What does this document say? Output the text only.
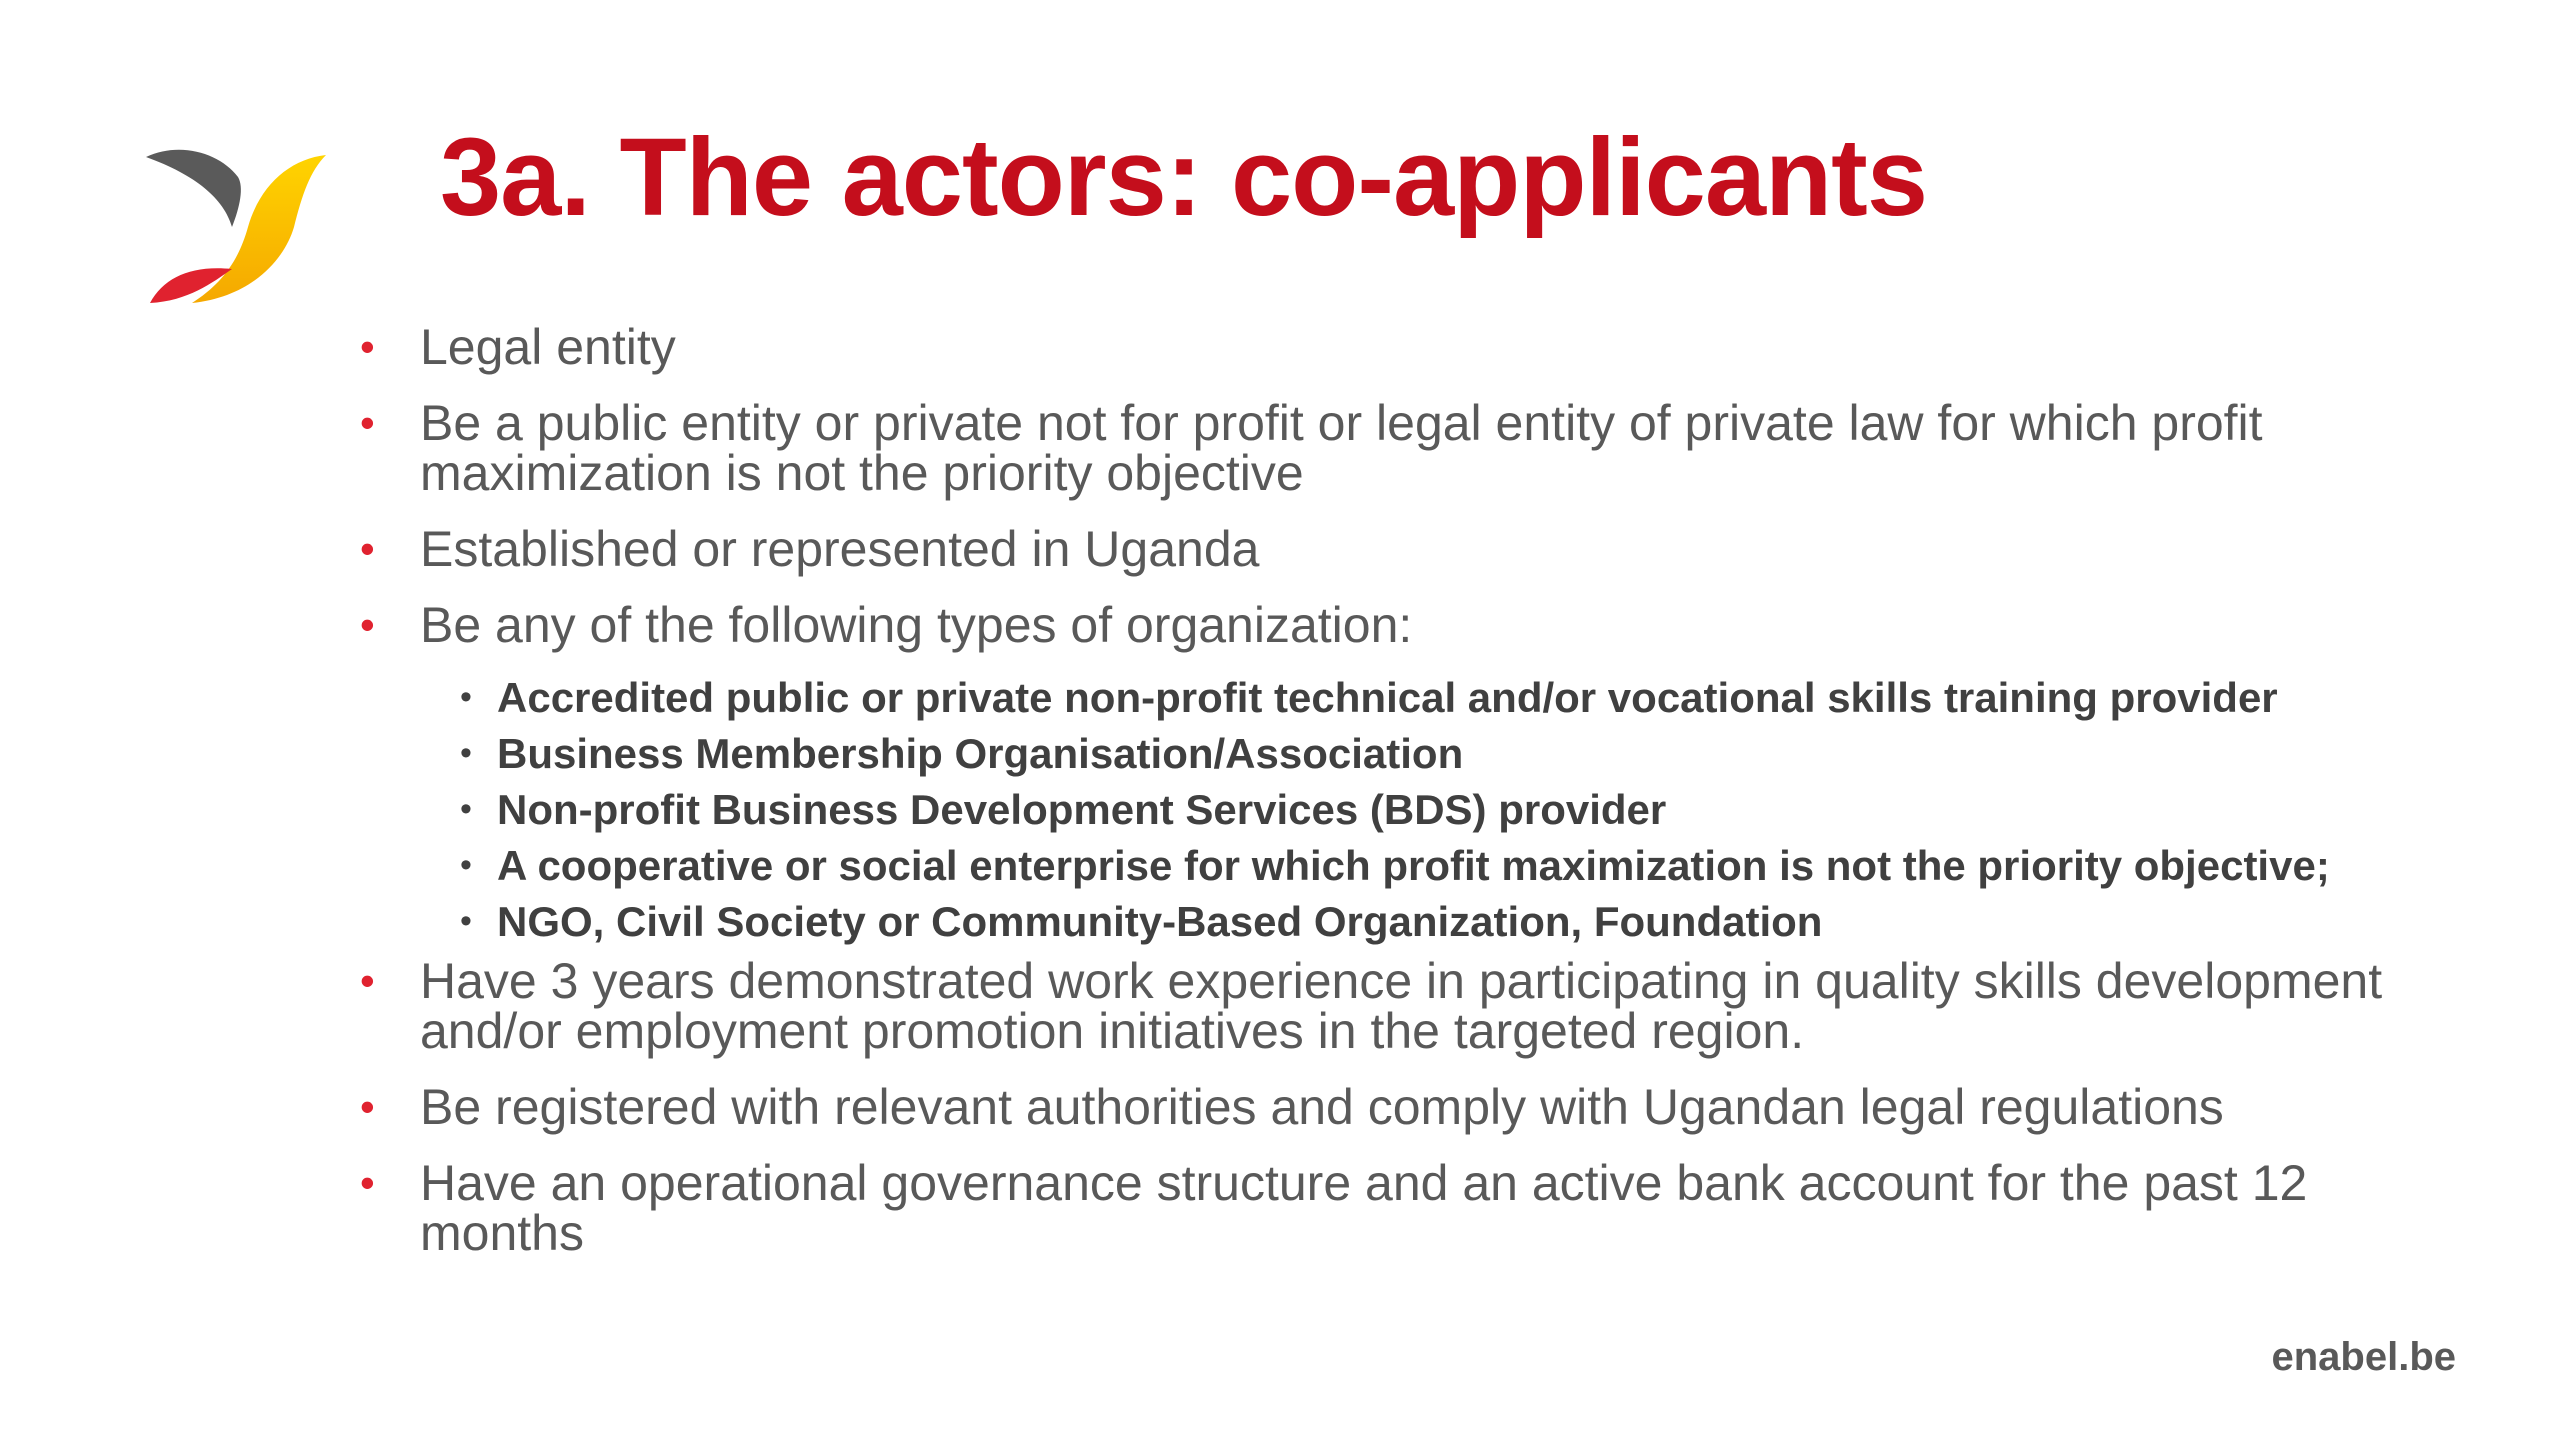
3a. The actors: co-applicants
• Legal entity
• Be a public entity or private not for profit or legal entity of private law for which profit maximization is not the priority objective
• Established or represented in Uganda
• Be any of the following types of organization:
• Accredited public or private non-profit technical and/or vocational skills training provider
• Business Membership Organisation/Association
• Non-profit Business Development Services (BDS) provider
• A cooperative or social enterprise for which profit maximization is not the priority objective;
• NGO, Civil Society or Community-Based Organization, Foundation
• Have 3 years demonstrated work experience in participating in quality skills development and/or employment promotion initiatives in the targeted region.
• Be registered with relevant authorities and comply with Ugandan legal regulations
• Have an operational governance structure and an active bank account for the past 12 months
enabel.be
